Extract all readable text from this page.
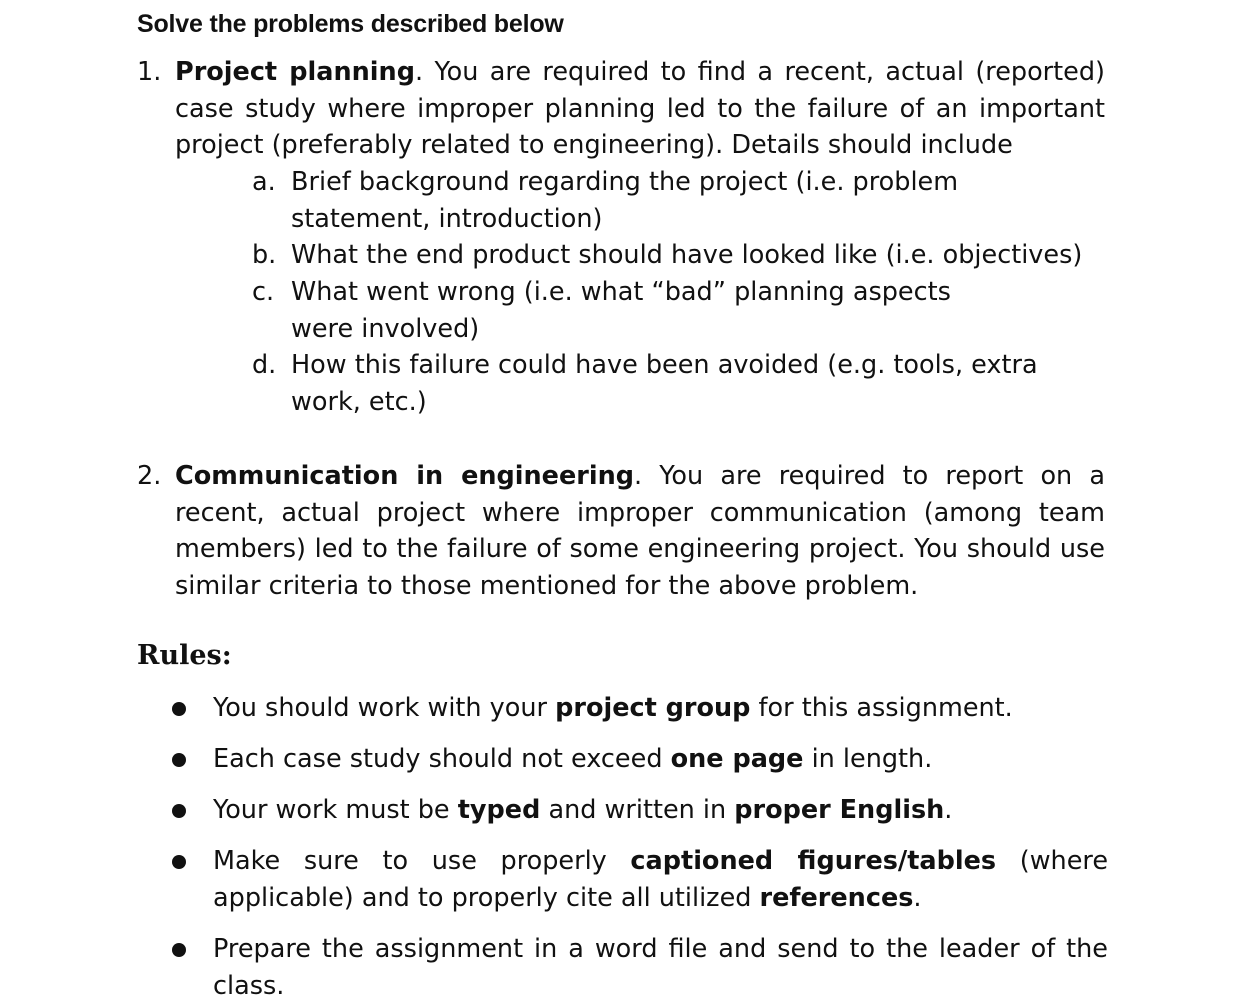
Solve the problems described below
1. Project planning. You are required to find a recent, actual (reported) case study where improper planning led to the failure of an important project (preferably related to engineering). Details should include
a. Brief background regarding the project (i.e. problem statement, introduction)
b. What the end product should have looked like (i.e. objectives)
c. What went wrong (i.e. what “bad” planning aspects were involved)
d. How this failure could have been avoided (e.g. tools, extra work, etc.)
2. Communication in engineering. You are required to report on a recent, actual project where improper communication (among team members) led to the failure of some engineering project. You should use similar criteria to those mentioned for the above problem.
Rules:
You should work with your project group for this assignment.
Each case study should not exceed one page in length.
Your work must be typed and written in proper English.
Make sure to use properly captioned figures/tables (where applicable) and to properly cite all utilized references.
Prepare the assignment in a word file and send to the leader of the class.
